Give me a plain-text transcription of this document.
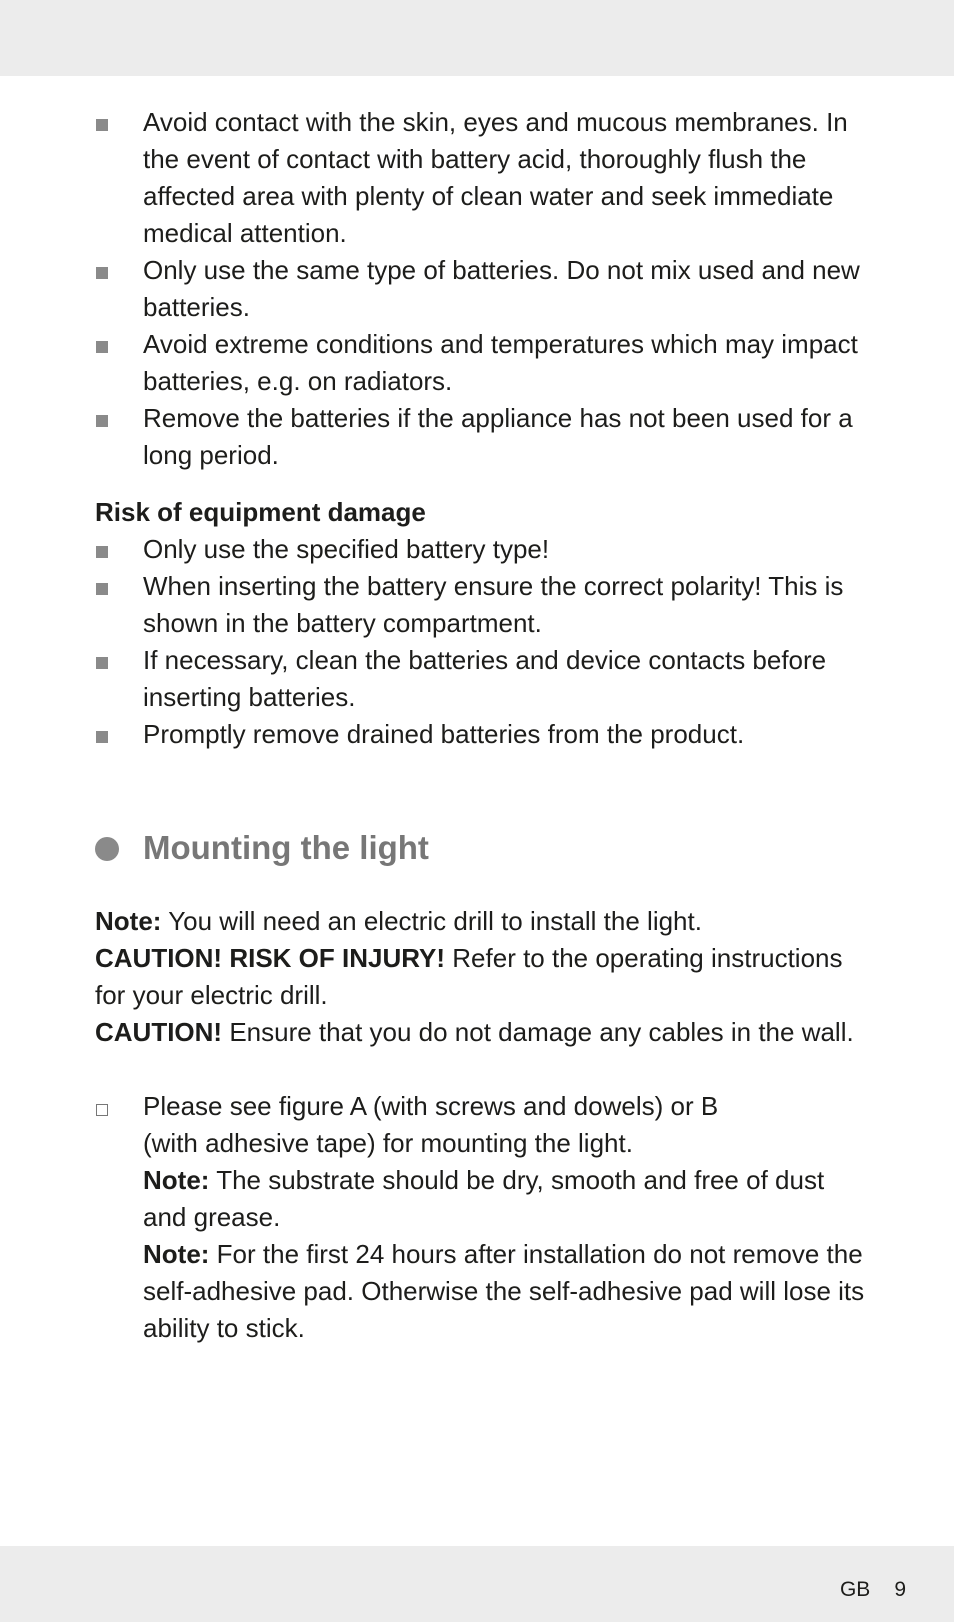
Avoid contact with the skin, eyes and mucous membranes. In the event of contact with battery acid, thoroughly flush the affected area with plenty of clean water and seek immediate medical attention.
Only use the same type of batteries. Do not mix used and new batteries.
Avoid extreme conditions and temperatures which may impact batteries, e.g. on radiators.
Remove the batteries if the appliance has not been used for a long period.
Risk of equipment damage
Only use the specified battery type!
When inserting the battery ensure the correct polarity! This is shown in the battery compartment.
If necessary, clean the batteries and device contacts before inserting batteries.
Promptly remove drained batteries from the product.
Mounting the light

Note: You will need an electric drill to install the light.

CAUTION! RISK OF INJURY! Refer to the operating instructions for your electric drill.

CAUTION! Ensure that you do not damage any cables in the wall.

Please see figure A (with screws and dowels) or B

(with adhesive tape) for mounting the light.

Note: The substrate should be dry, smooth and free of dust and grease.

Note: For the first 24 hours after installation do not remove the self-adhesive pad. Otherwise the self-adhesive pad will lose its ability to stick.

GB 9
